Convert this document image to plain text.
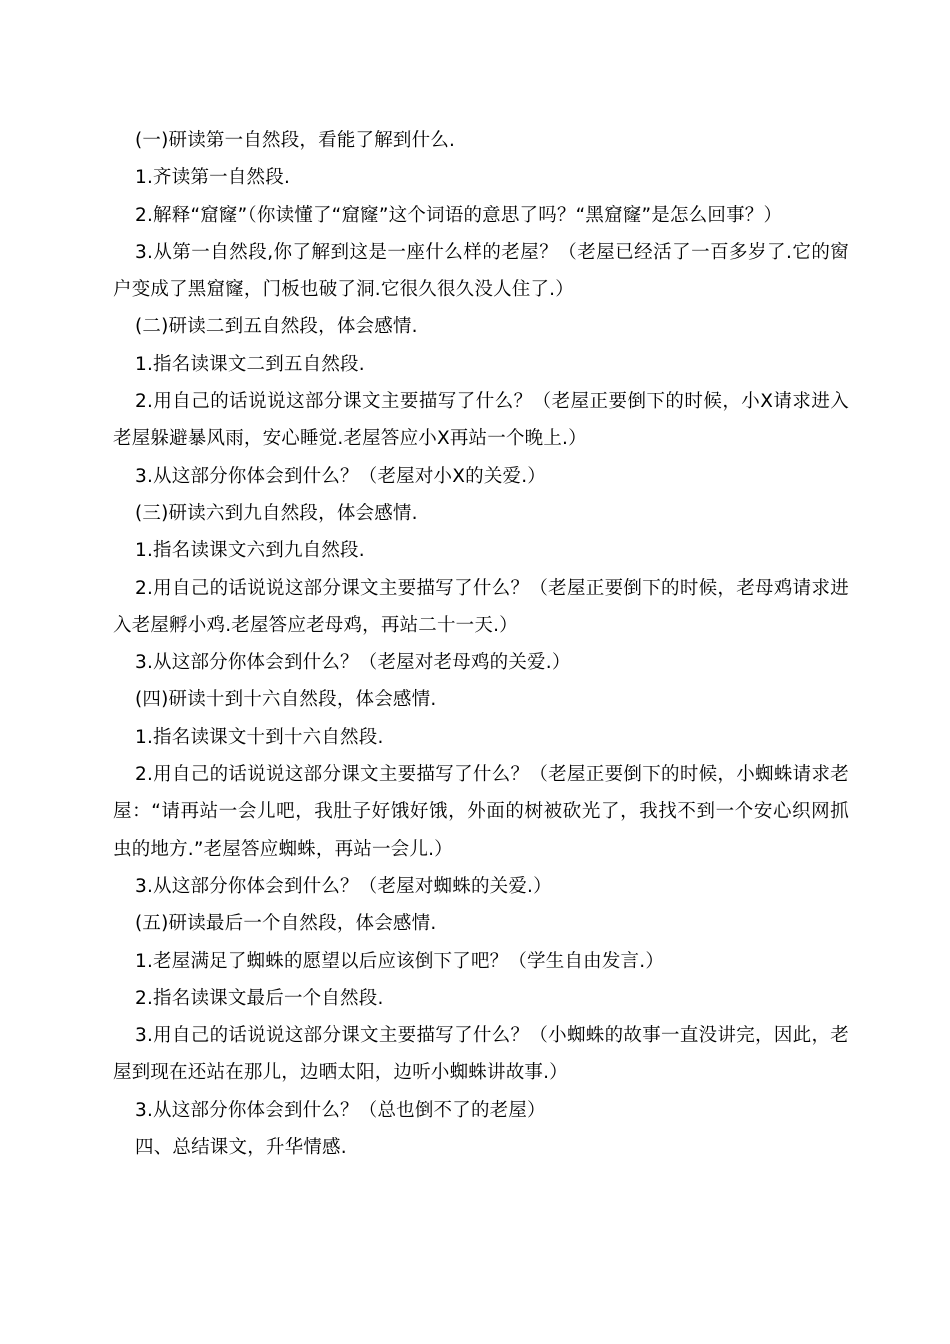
(一)研读第一自然段，看能了解到什么.

1.齐读第一自然段.

2.解释“窟窿”（你读懂了“窟窿”这个词语的意思了吗？“黑窟窿”是怎么回事？）

3.从第一自然段,你了解到这是一座什么样的老屋？（老屋已经活了一百多岁了.它的窗户变成了黑窟窿，门板也破了洞.它很久很久没人住了.）

(二)研读二到五自然段，体会感情.

1.指名读课文二到五自然段.

2.用自己的话说说这部分课文主要描写了什么？（老屋正要倒下的时候，小X请求进入老屋躲避暴风雨，安心睡觉.老屋答应小X再站一个晚上.）

3.从这部分你体会到什么？（老屋对小X的关爱.）

(三)研读六到九自然段，体会感情.

1.指名读课文六到九自然段.

2.用自己的话说说这部分课文主要描写了什么？（老屋正要倒下的时候，老母鸡请求进入老屋孵小鸡.老屋答应老母鸡，再站二十一天.）

3.从这部分你体会到什么？（老屋对老母鸡的关爱.）

(四)研读十到十六自然段，体会感情.

1.指名读课文十到十六自然段.

2.用自己的话说说这部分课文主要描写了什么？（老屋正要倒下的时候，小蜘蛛请求老屋：“请再站一会儿吧，我肚子好饿好饿，外面的树被砍光了，我找不到一个安心织网抓虫的地方.”老屋答应蜘蛛，再站一会儿.）

3.从这部分你体会到什么？（老屋对蜘蛛的关爱.）

(五)研读最后一个自然段，体会感情.

1.老屋满足了蜘蛛的愿望以后应该倒下了吧？（学生自由发言.）

2.指名读课文最后一个自然段.

3.用自己的话说说这部分课文主要描写了什么？（小蜘蛛的故事一直没讲完，因此，老屋到现在还站在那儿，边晒太阳，边听小蜘蛛讲故事.）

3.从这部分你体会到什么？（总也倒不了的老屋）

四、总结课文，升华情感.
